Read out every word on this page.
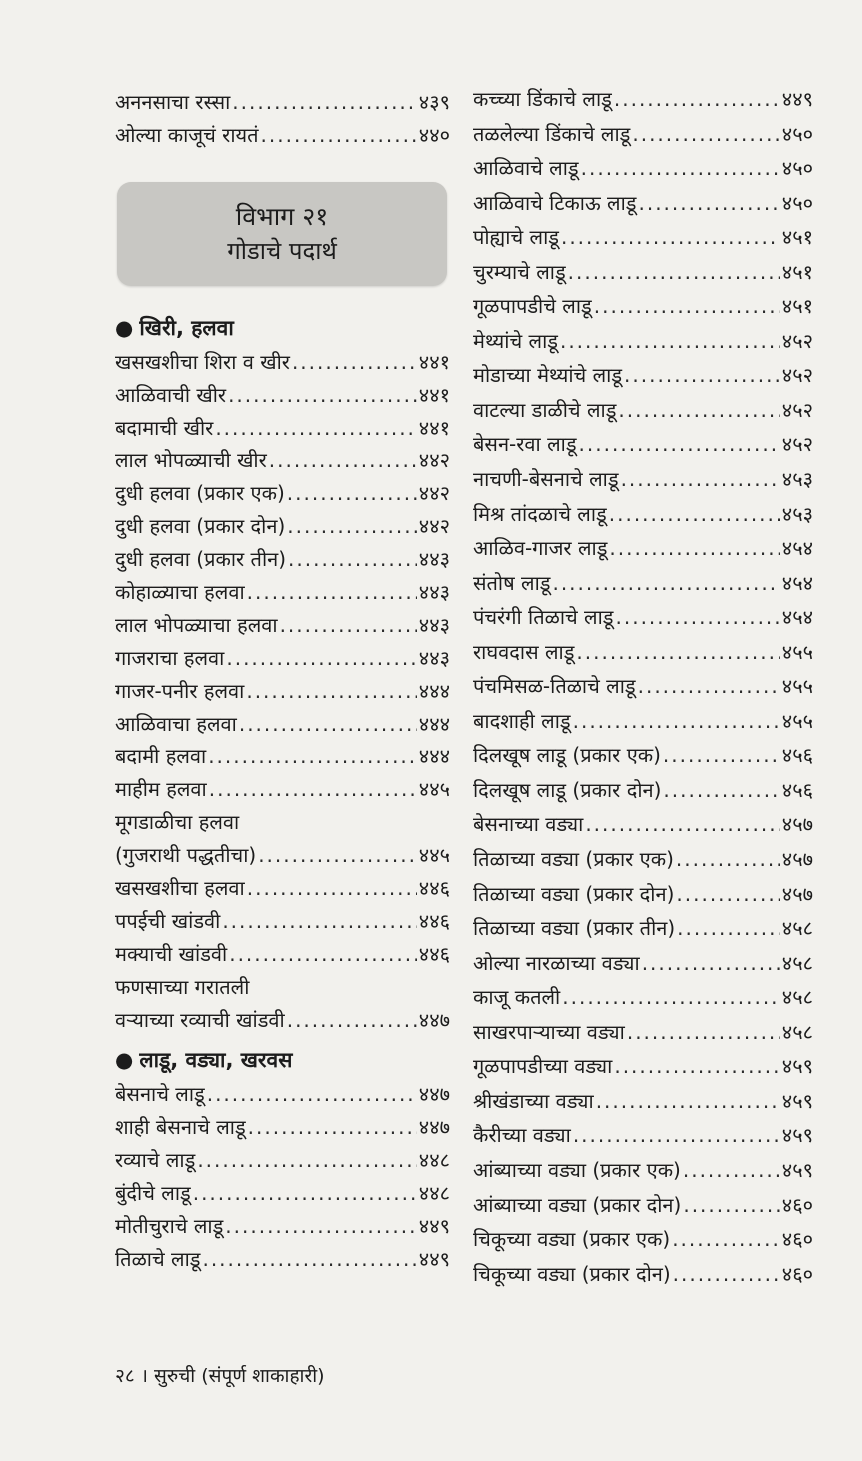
अननसाचा रस्सा .....	४३९
ओल्या काजूचं रायतं .....	४४०
विभाग २१
गोडाचे पदार्थ
● खिरी, हलवा
खसखशीचा शिरा व खीर .....	४४१
आळिवाची खीर .....	४४१
बदामाची खीर .....	४४१
लाल भोपळ्याची खीर .....	४४२
दुधी हलवा (प्रकार एक) .....	४४२
दुधी हलवा (प्रकार दोन) .....	४४२
दुधी हलवा (प्रकार तीन) .....	४४३
कोहाळ्याचा हलवा .....	४४३
लाल भोपळ्याचा हलवा .....	४४३
गाजराचा हलवा .....	४४३
गाजर-पनीर हलवा .....	४४४
आळिवाचा हलवा .....	४४४
बदामी हलवा .....	४४४
माहीम हलवा .....	४४५
मूगडाळीचा हलवा
(गुजराथी पद्धतीचा) .....	४४५
खसखशीचा हलवा .....	४४६
पपईची खांडवी .....	४४६
मक्याची खांडवी .....	४४६
फणसाच्या गरातली
वऱ्याच्या रव्याची खांडवी .....	४४७
● लाडू, वड्या, खरवस
बेसनाचे लाडू .....	४४७
शाही बेसनाचे लाडू .....	४४७
रव्याचे लाडू .....	४४८
बुंदीचे लाडू .....	४४८
मोतीचुराचे लाडू .....	४४९
तिळाचे लाडू .....	४४९
कच्च्या डिंकाचे लाडू .....	४४९
तळलेल्या डिंकाचे लाडू .....	४५०
आळिवाचे लाडू .....	४५०
आळिवाचे टिकाऊ लाडू .....	४५०
पोह्याचे लाडू .....	४५१
चुरम्याचे लाडू .....	४५१
गूळपापडीचे लाडू .....	४५१
मेथ्यांचे लाडू .....	४५२
मोडाच्या मेथ्यांचे लाडू .....	४५२
वाटल्या डाळीचे लाडू .....	४५२
बेसन-रवा लाडू .....	४५२
नाचणी-बेसनाचे लाडू .....	४५३
मिश्र तांदळाचे लाडू .....	४५३
आळिव-गाजर लाडू .....	४५४
संतोष लाडू .....	४५४
पंचरंगी तिळाचे लाडू .....	४५४
राघवदास लाडू .....	४५५
पंचमिसळ-तिळाचे लाडू .....	४५५
बादशाही लाडू .....	४५५
दिलखूष लाडू (प्रकार एक) .....	४५६
दिलखूष लाडू (प्रकार दोन) .....	४५६
बेसनाच्या वड्या .....	४५७
तिळाच्या वड्या (प्रकार एक) .....	४५७
तिळाच्या वड्या (प्रकार दोन) .....	४५७
तिळाच्या वड्या (प्रकार तीन) .....	४५८
ओल्या नारळाच्या वड्या .....	४५८
काजू कतली .....	४५८
साखरपाऱ्याच्या वड्या .....	४५८
गूळपापडीच्या वड्या .....	४५९
श्रीखंडाच्या वड्या .....	४५९
कैरीच्या वड्या .....	४५९
आंब्याच्या वड्या (प्रकार एक) .....	४५९
आंब्याच्या वड्या (प्रकार दोन) .....	४६०
चिकूच्या वड्या (प्रकार एक) .....	४६०
चिकूच्या वड्या (प्रकार दोन) .....	४६०
२८ । सुरुची (संपूर्ण शाकाहारी)
